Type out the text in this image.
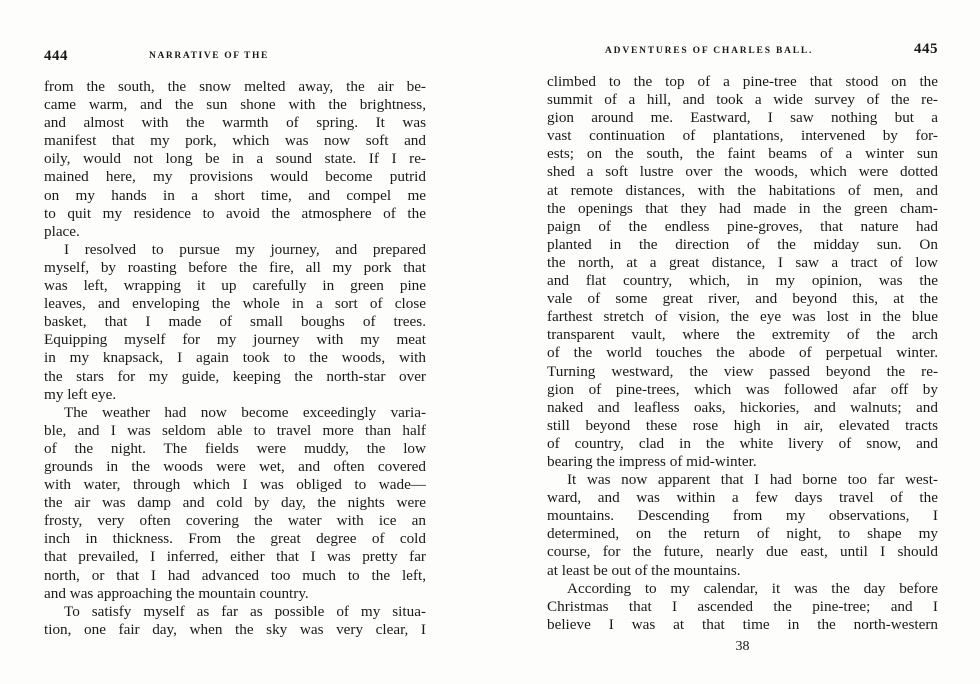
444	NARRATIVE OF THE
from the south, the snow melted away, the air be-
came warm, and the sun shone with the brightness,
and almost with the warmth of spring. It was
manifest that my pork, which was now soft and
oily, would not long be in a sound state. If I re-
mained here, my provisions would become putrid
on my hands in a short time, and compel me
to quit my residence to avoid the atmosphere of the
place.
I resolved to pursue my journey, and prepared
myself, by roasting before the fire, all my pork that
was left, wrapping it up carefully in green pine
leaves, and enveloping the whole in a sort of close
basket, that I made of small boughs of trees.
Equipping myself for my journey with my meat
in my knapsack, I again took to the woods, with
the stars for my guide, keeping the north-star over
my left eye.
The weather had now become exceedingly varia-
ble, and I was seldom able to travel more than half
of the night. The fields were muddy, the low
grounds in the woods were wet, and often covered
with water, through which I was obliged to wade—
the air was damp and cold by day, the nights were
frosty, very often covering the water with ice an
inch in thickness. From the great degree of cold
that prevailed, I inferred, either that I was pretty far
north, or that I had advanced too much to the left,
and was approaching the mountain country.
To satisfy myself as far as possible of my situa-
tion, one fair day, when the sky was very clear, I
ADVENTURES OF CHARLES BALL.	445
climbed to the top of a pine-tree that stood on the
summit of a hill, and took a wide survey of the re-
gion around me. Eastward, I saw nothing but a
vast continuation of plantations, intervened by for-
ests; on the south, the faint beams of a winter sun
shed a soft lustre over the woods, which were dotted
at remote distances, with the habitations of men, and
the openings that they had made in the green cham-
paign of the endless pine-groves, that nature had
planted in the direction of the midday sun. On
the north, at a great distance, I saw a tract of low
and flat country, which, in my opinion, was the
vale of some great river, and beyond this, at the
farthest stretch of vision, the eye was lost in the blue
transparent vault, where the extremity of the arch
of the world touches the abode of perpetual winter.
Turning westward, the view passed beyond the re-
gion of pine-trees, which was followed afar off by
naked and leafless oaks, hickories, and walnuts; and
still beyond these rose high in air, elevated tracts
of country, clad in the white livery of snow, and
bearing the impress of mid-winter.
It was now apparent that I had borne too far west-
ward, and was within a few days travel of the
mountains. Descending from my observations, I
determined, on the return of night, to shape my
course, for the future, nearly due east, until I should
at least be out of the mountains.
According to my calendar, it was the day before
Christmas that I ascended the pine-tree; and I
believe I was at that time in the north-western
38
